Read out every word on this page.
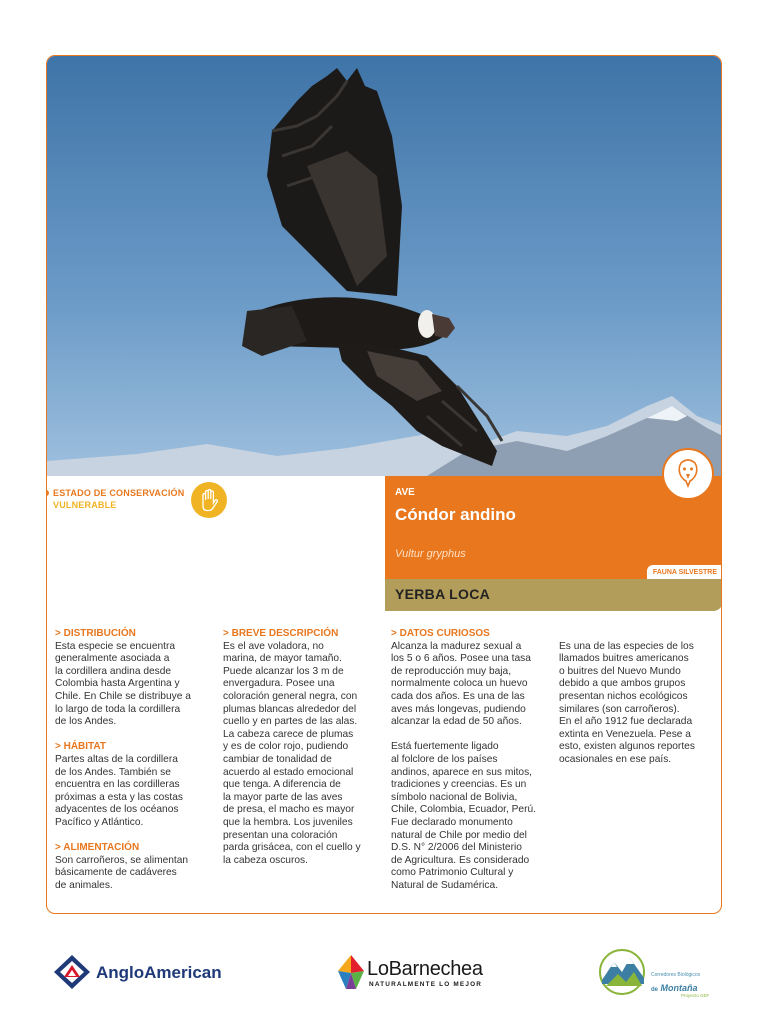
ESTADO DE CONSERVACIÓN
VULNERABLE
AVE
Cóndor andino
Vultur gryphus
FAUNA SILVESTRE
YERBA LOCA
> DISTRIBUCIÓN

Esta especie se encuentra

generalmente asociada a

la cordillera andina desde

Colombia hasta Argentina y

Chile. En Chile se distribuye a

lo largo de toda la cordillera

de los Andes.

> HÁBITAT

Partes altas de la cordillera

de los Andes. También se

encuentra en las cordilleras

próximas a esta y las costas

adyacentes de los océanos

Pacífico y Atlántico.

> ALIMENTACIÓN

Son carroñeros, se alimentan

básicamente de cadáveres

de animales.

> BREVE DESCRIPCIÓN

Es el ave voladora, no

marina, de mayor tamaño.

Puede alcanzar los 3 m de

envergadura. Posee una

coloración general negra, con

plumas blancas alrededor del

cuello y en partes de las alas.

La cabeza carece de plumas

y es de color rojo, pudiendo

cambiar de tonalidad de

acuerdo al estado emocional

que tenga. A diferencia de

la mayor parte de las aves

de presa, el macho es mayor

que la hembra. Los juveniles

presentan una coloración

parda grisácea, con el cuello y

la cabeza oscuros.

> DATOS CURIOSOS

Alcanza la madurez sexual a

los 5 o 6 años. Posee una tasa

de reproducción muy baja,

normalmente coloca un huevo

cada dos años. Es una de las

aves más longevas, pudiendo

alcanzar la edad de 50 años.

Está fuertemente ligado

al folclore de los países

andinos, aparece en sus mitos,

tradiciones y creencias. Es un

símbolo nacional de Bolivia,

Chile, Colombia, Ecuador, Perú.

Fue declarado monumento

natural de Chile por medio del

D.S. N° 2/2006 del Ministerio

de Agricultura. Es considerado

como Patrimonio Cultural y

Natural de Sudamérica.

Es una de las especies de los

llamados buitres americanos

o buitres del Nuevo Mundo

debido a que ambos grupos

presentan nichos ecológicos

similares (son carroñeros).

En el año 1912 fue declarada

extinta en Venezuela. Pese a

esto, existen algunos reportes

ocasionales en ese país.

AngloAmerican	LoBarnechea
NATURALMENTE LO MEJOR
Corredores Biológicos
de Montaña
Proyecto GEF
